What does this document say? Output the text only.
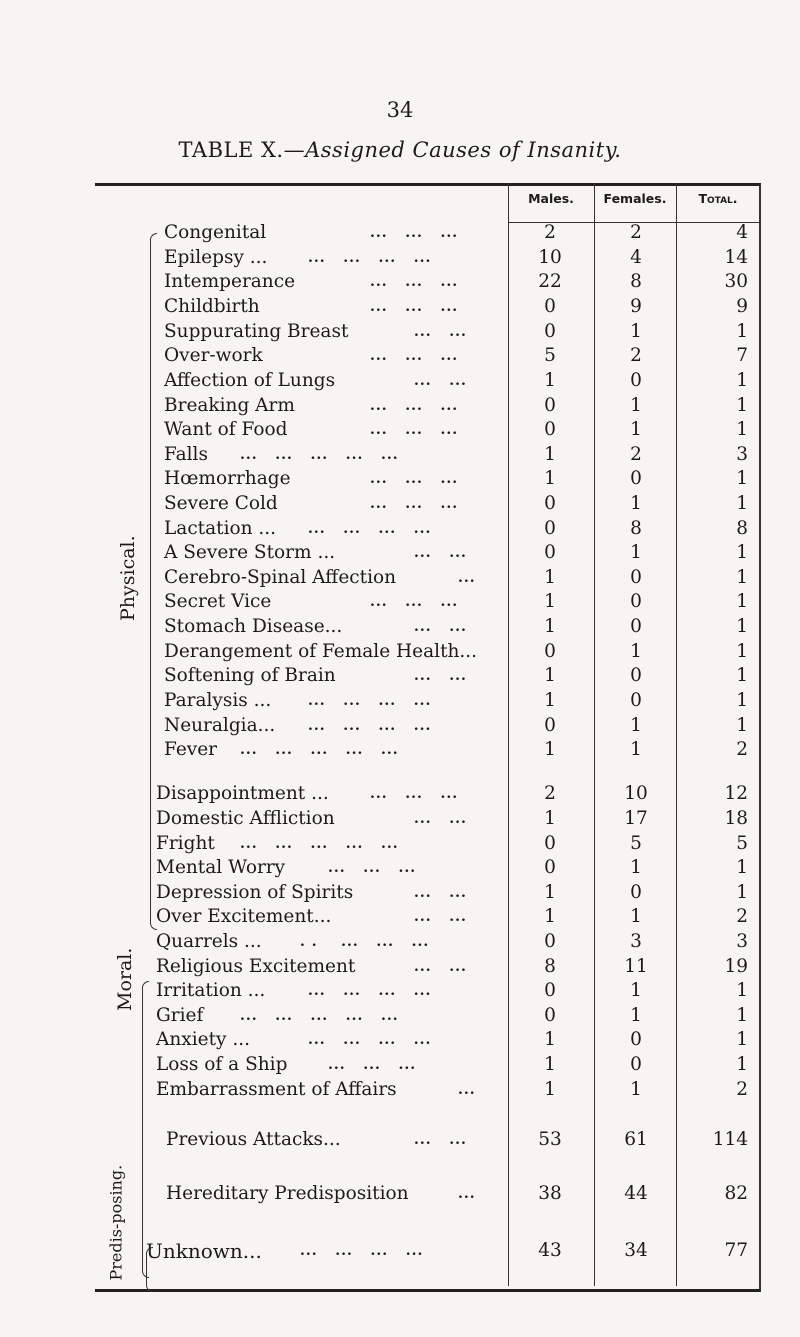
34
TABLE X.—Assigned Causes of Insanity.
Males.	Females.	Total.
Physical.
Moral.
Predis-posing.
Congenital	...   ...   ...	2	2	4
Epilepsy ...	...   ...   ...   ...	10	4	14
Intemperance	...   ...   ...	22	8	30
Childbirth	...   ...   ...	0	9	9
Suppurating Breast	...   ...	0	1	1
Over-work	...   ...   ...	5	2	7
Affection of Lungs	...   ...	1	0	1
Breaking Arm	...   ...   ...	0	1	1
Want of Food	...   ...   ...	0	1	1
Falls ...   ...   ...   ...   ...	1	2	3
Hœmorrhage	...   ...   ...	1	0	1
Severe Cold	...   ...   ...	0	1	1
Lactation ... ...   ...   ...   ...	0	8	8
A Severe Storm ...	...   ...	0	1	1
Cerebro-Spinal Affection	...	1	0	1
Secret Vice	...   ...   ...	1	0	1
Stomach Disease...	...   ...	1	0	1
Derangement of Female Health...	0	1	1
Softening of Brain	...   ...	1	0	1
Paralysis ...	...   ...   ...   ...	1	0	1
Neuralgia... ...   ...   ...   ...	0	1	1
Fever ...   ...   ...   ...   ...	1	1	2
Disappointment ...	...   ...   ...	2	10	12
Domestic Affliction	...   ...	1	17	18
Fright ...   ...   ...   ...   ...	0	5	5
Mental Worry	...   ...   ...	0	1	1
Depression of Spirits	...   ...	1	0	1
Over Excitement...	...   ...	1	1	2
Quarrels ...	. .    ...   ...   ...	0	3	3
Religious Excitement	...   ...	8	11	19
Irritation ...	...   ...   ...   ...	0	1	1
Grief	...   ...   ...   ...   ...	0	1	1
Anxiety ...	...   ...   ...   ...	1	0	1
Loss of a Ship	...   ...   ...	1	0	1
Embarrassment of Affairs	...	1	1	2
Previous Attacks...	...   ...	53	61	114
Hereditary Predisposition	...	38	44	82
Unknown...	...   ...   ...   ...	43	34	77
